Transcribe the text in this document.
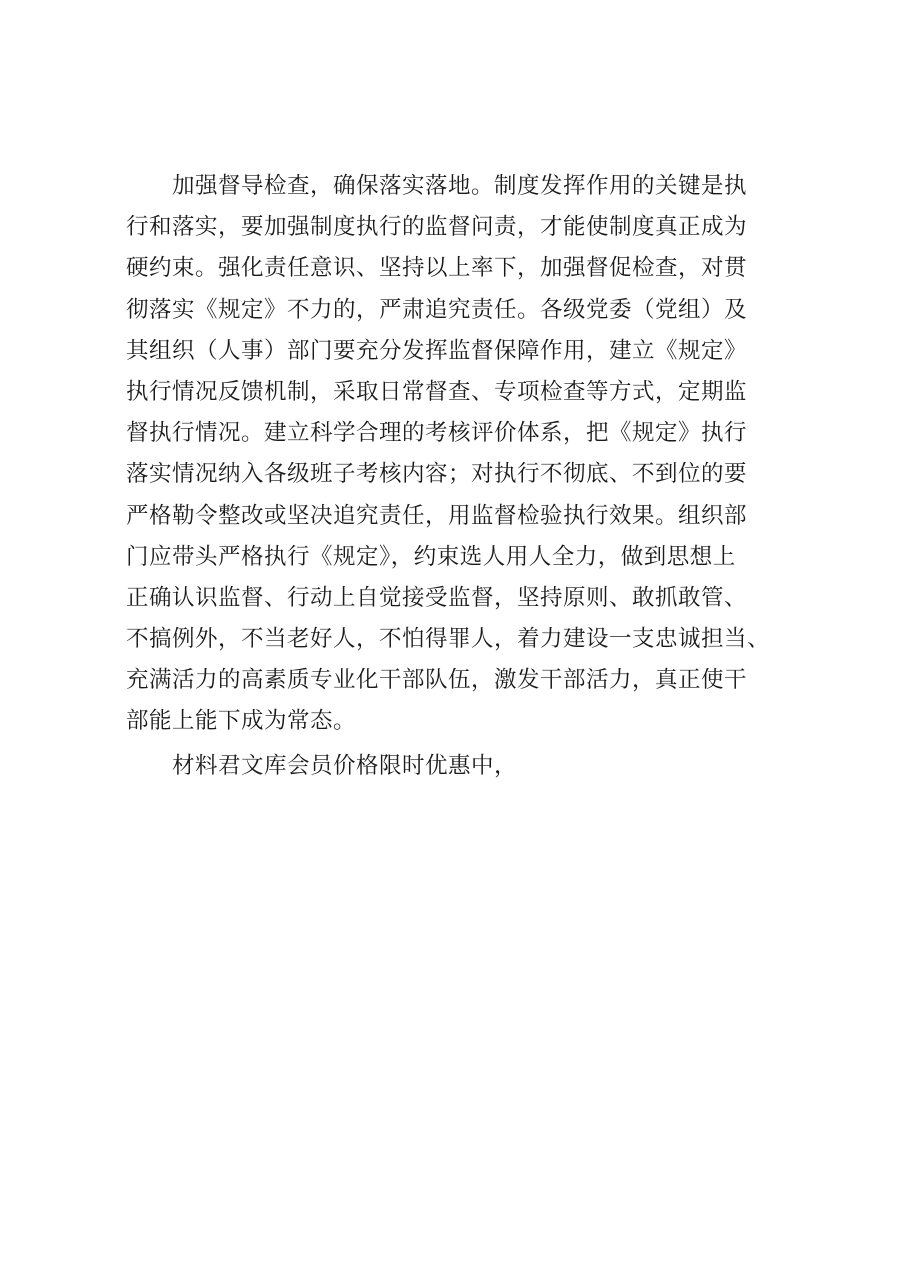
加强督导检查，确保落实落地。制度发挥作用的关键是执
行和落实，要加强制度执行的监督问责，才能使制度真正成为
硬约束。强化责任意识、坚持以上率下，加强督促检查，对贯
彻落实《规定》不力的，严肃追究责任。各级党委（党组）及
其组织（人事）部门要充分发挥监督保障作用，建立《规定》
执行情况反馈机制，采取日常督查、专项检查等方式，定期监
督执行情况。建立科学合理的考核评价体系，把《规定》执行
落实情况纳入各级班子考核内容；对执行不彻底、不到位的要
严格勒令整改或坚决追究责任，用监督检验执行效果。组织部
门应带头严格执行《规定》，约束选人用人全力，做到思想上
正确认识监督、行动上自觉接受监督，坚持原则、敢抓敢管、
不搞例外，不当老好人，不怕得罪人，着力建设一支忠诚担当、
充满活力的高素质专业化干部队伍，激发干部活力，真正使干
部能上能下成为常态。
材料君文库会员价格限时优惠中，
